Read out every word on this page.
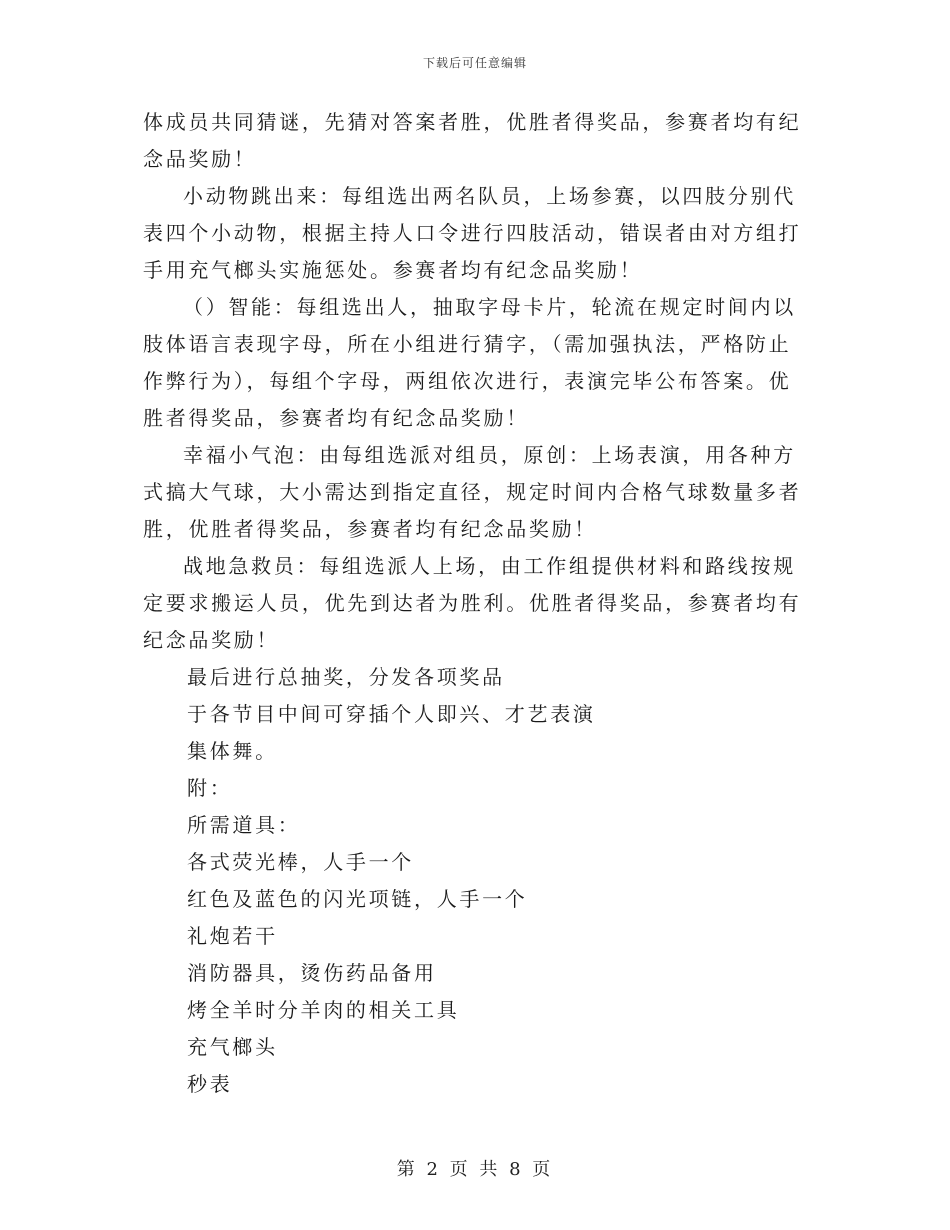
下载后可任意编辑

体成员共同猜谜，先猜对答案者胜，优胜者得奖品，参赛者均有纪念品奖励！

小动物跳出来：每组选出两名队员，上场参赛，以四肢分别代表四个小动物，根据主持人口令进行四肢活动，错误者由对方组打手用充气榔头实施惩处。参赛者均有纪念品奖励！

（）智能：每组选出人，抽取字母卡片，轮流在规定时间内以肢体语言表现字母，所在小组进行猜字，（需加强执法，严格防止作弊行为），每组个字母，两组依次进行，表演完毕公布答案。优胜者得奖品，参赛者均有纪念品奖励！

幸福小气泡：由每组选派对组员，原创：上场表演，用各种方式搞大气球，大小需达到指定直径，规定时间内合格气球数量多者胜，优胜者得奖品，参赛者均有纪念品奖励！

战地急救员：每组选派人上场，由工作组提供材料和路线按规定要求搬运人员，优先到达者为胜利。优胜者得奖品，参赛者均有纪念品奖励！

最后进行总抽奖，分发各项奖品

于各节目中间可穿插个人即兴、才艺表演

集体舞。

附：

所需道具：

各式荧光棒，人手一个

红色及蓝色的闪光项链，人手一个

礼炮若干

消防器具，烫伤药品备用

烤全羊时分羊肉的相关工具

充气榔头

秒表

第 2 页 共 8 页
